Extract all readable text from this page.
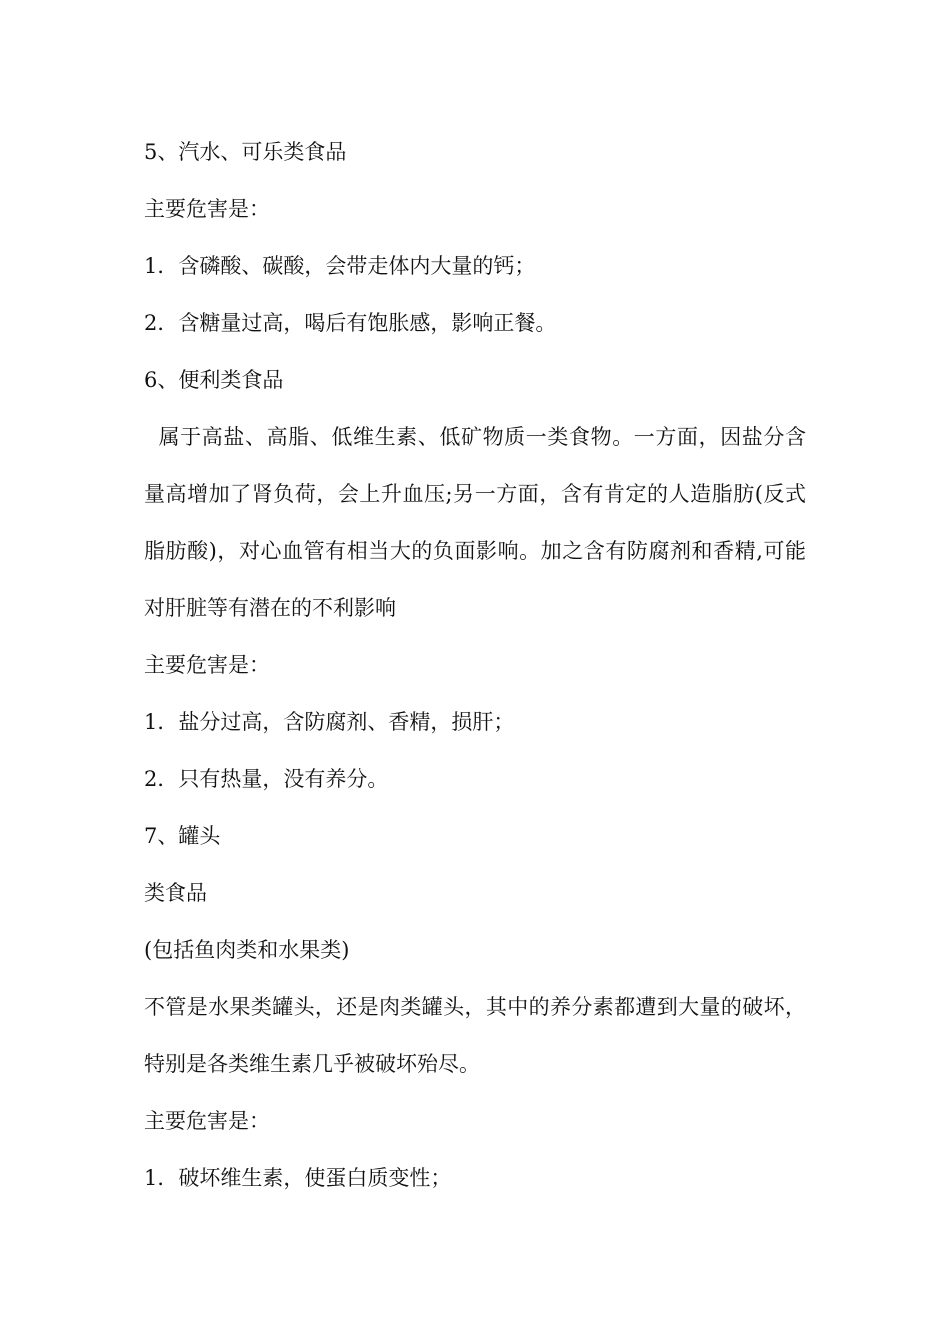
5、汽水、可乐类食品

主要危害是：

1．含磷酸、碳酸，会带走体内大量的钙；

2．含糖量过高，喝后有饱胀感，影响正餐。

6、便利类食品

属于高盐、高脂、低维生素、低矿物质一类食物。一方面，因盐分含量高增加了肾负荷，会上升血压;另一方面，含有肯定的人造脂肪(反式脂肪酸)，对心血管有相当大的负面影响。加之含有防腐剂和香精,可能对肝脏等有潜在的不利影响

主要危害是：

1．盐分过高，含防腐剂、香精，损肝；

2．只有热量，没有养分。

7、罐头

类食品

(包括鱼肉类和水果类)

不管是水果类罐头，还是肉类罐头，其中的养分素都遭到大量的破坏，特别是各类维生素几乎被破坏殆尽。

主要危害是：

1．破坏维生素，使蛋白质变性；
